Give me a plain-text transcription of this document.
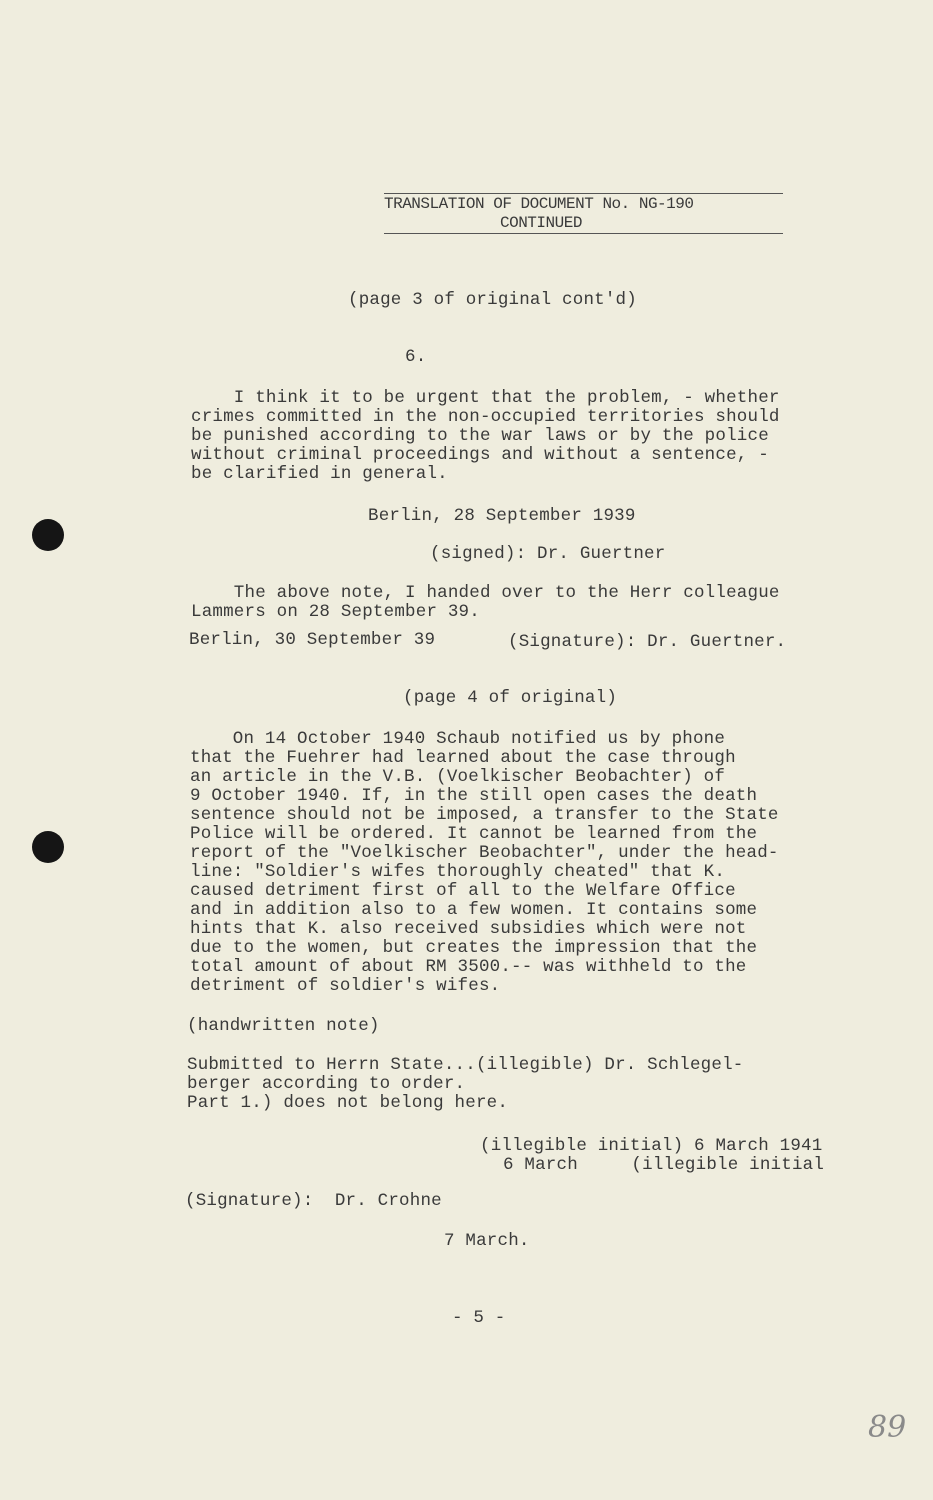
TRANSLATION OF DOCUMENT No. NG-190
CONTINUED
(page 3 of original cont'd)
6.
I think it to be urgent that the problem, - whether
crimes committed in the non-occupied territories should
be punished according to the war laws or by the police
without criminal proceedings and without a sentence, -
be clarified in general.
Berlin, 28 September 1939
(signed): Dr. Guertner
The above note, I handed over to the Herr colleague
Lammers on 28 September 39.
Berlin, 30 September 39	(Signature): Dr. Guertner.
(page 4 of original)
On 14 October 1940 Schaub notified us by phone
that the Fuehrer had learned about the case through
an article in the V.B. (Voelkischer Beobachter) of
9 October 1940. If, in the still open cases the death
sentence should not be imposed, a transfer to the State
Police will be ordered. It cannot be learned from the
report of the "Voelkischer Beobachter", under the head-
line: "Soldier's wifes thoroughly cheated" that K.
caused detriment first of all to the Welfare Office
and in addition also to a few women. It contains some
hints that K. also received subsidies which were not
due to the women, but creates the impression that the
total amount of about RM 3500.-- was withheld to the
detriment of soldier's wifes.
(handwritten note)
Submitted to Herrn State...(illegible) Dr. Schlegel-
berger according to order.
Part 1.) does not belong here.
(illegible initial) 6 March 1941
6 March     (illegible initial
(Signature):  Dr. Crohne
7 March.
- 5 -
89
